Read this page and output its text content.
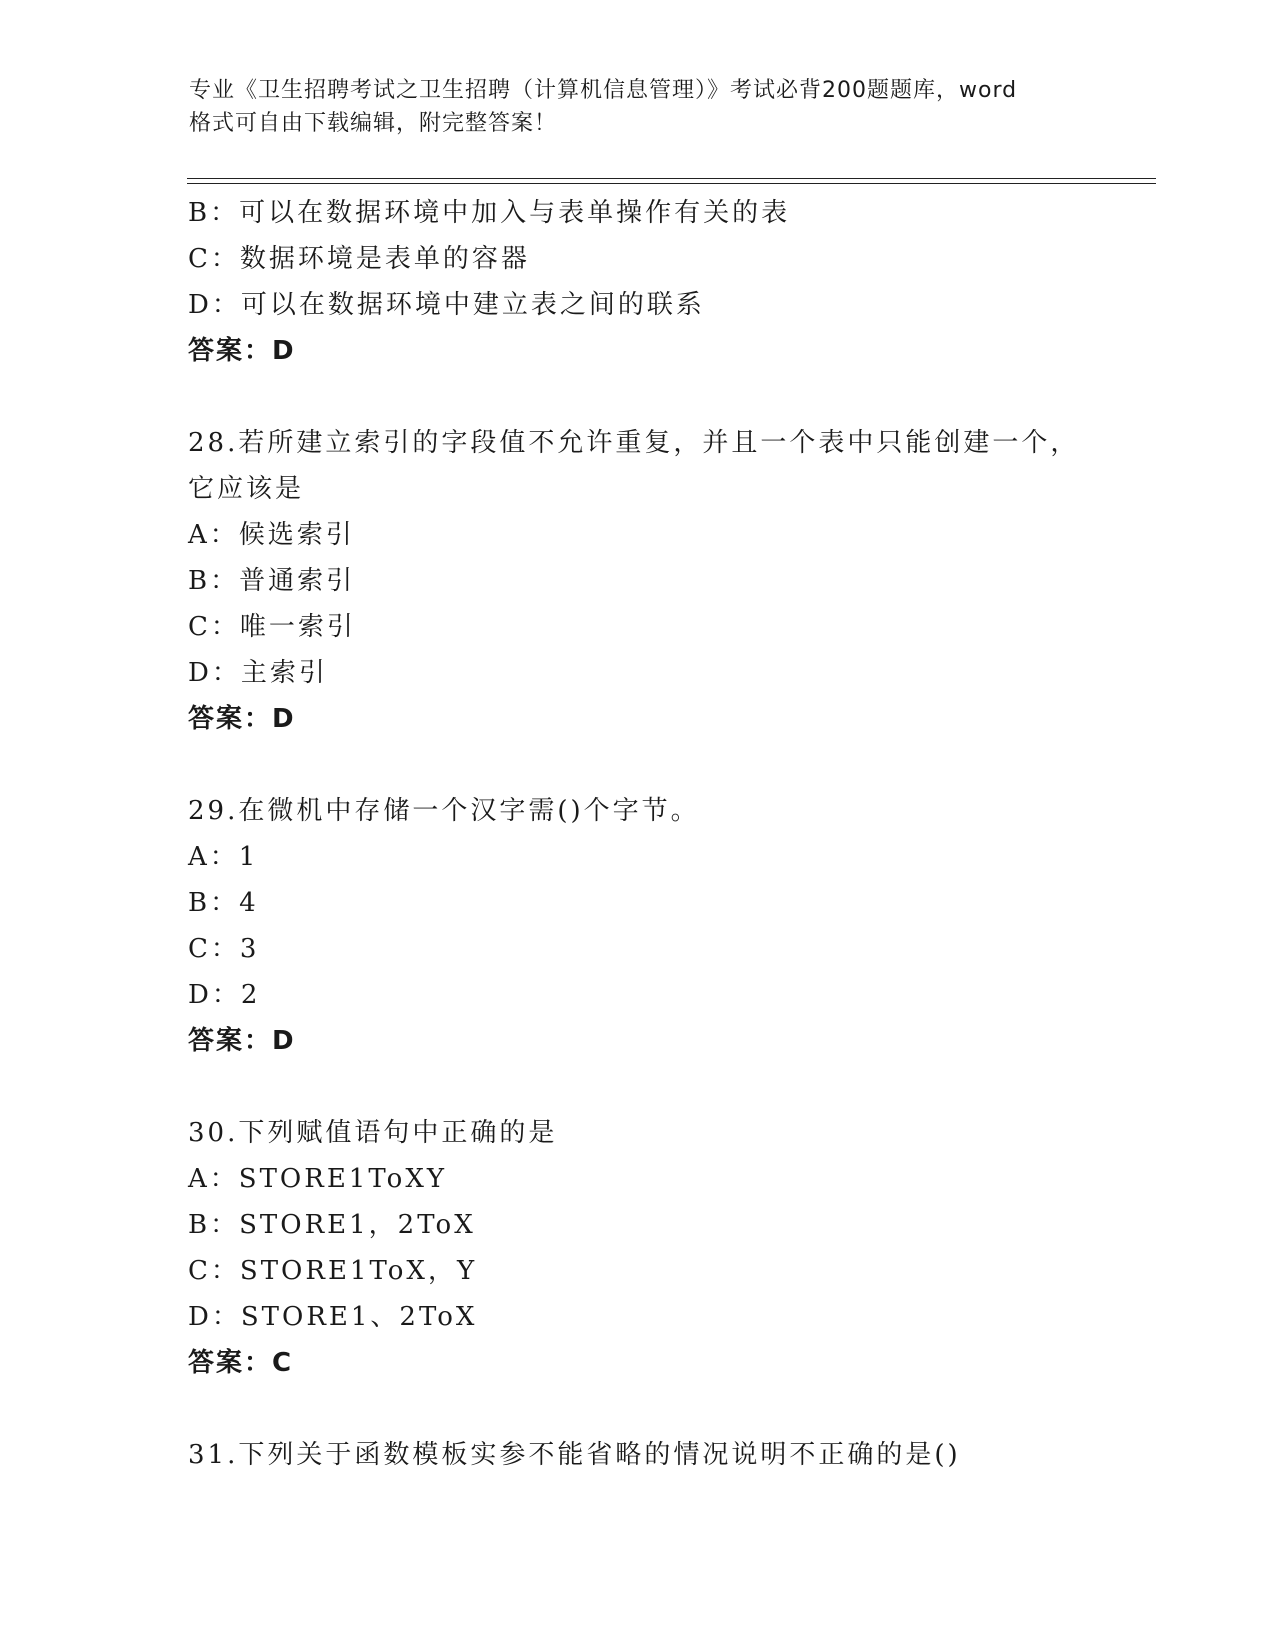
专业《卫生招聘考试之卫生招聘（计算机信息管理）》考试必背200题题库，word
格式可自由下载编辑，附完整答案！
B：可以在数据环境中加入与表单操作有关的表
C：数据环境是表单的容器
D：可以在数据环境中建立表之间的联系
答案：D
28.若所建立索引的字段值不允许重复，并且一个表中只能创建一个，
它应该是
A：候选索引
B：普通索引
C：唯一索引
D：主索引
答案：D
29.在微机中存储一个汉字需()个字节。
A：1
B：4
C：3
D：2
答案：D
30.下列赋值语句中正确的是
A：STORE1ToXY
B：STORE1，2ToX
C：STORE1ToX，Y
D：STORE1、2ToX
答案：C
31.下列关于函数模板实参不能省略的情况说明不正确的是()
